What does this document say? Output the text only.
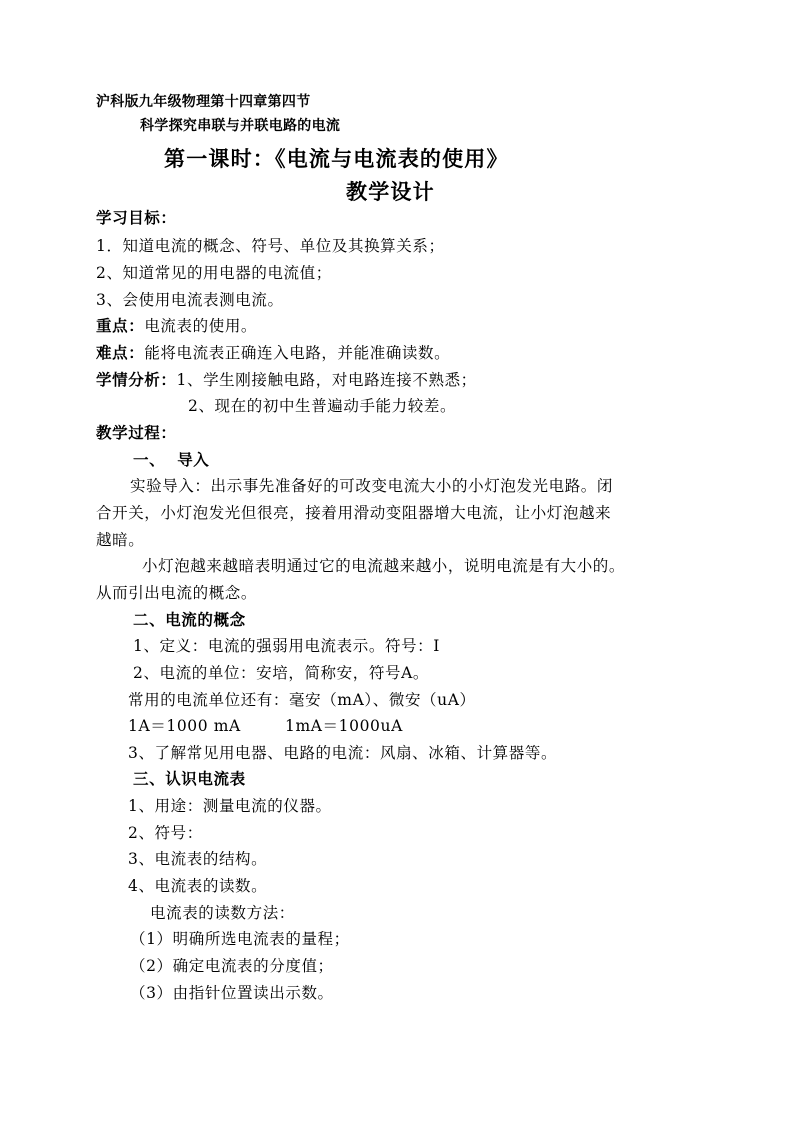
沪科版九年级物理第十四章第四节
科学探究串联与并联电路的电流
第一课时：《电流与电流表的使用》
教学设计
学习目标：
1．知道电流的概念、符号、单位及其换算关系；
2、知道常见的用电器的电流值；
3、会使用电流表测电流。
重点：电流表的使用。
难点：能将电流表正确连入电路，并能准确读数。
学情分析：1、学生刚接触电路，对电路连接不熟悉；
2、现在的初中生普遍动手能力较差。
教学过程：
一、  导入
实验导入：出示事先准备好的可改变电流大小的小灯泡发光电路。闭
合开关，小灯泡发光但很亮，接着用滑动变阻器增大电流，让小灯泡越来
越暗。
小灯泡越来越暗表明通过它的电流越来越小，说明电流是有大小的。
从而引出电流的概念。
二、电流的概念
1、定义：电流的强弱用电流表示。符号：I
2、电流的单位：安培，简称安，符号A。
常用的电流单位还有：毫安（mA）、微安（uA）
1A＝1000 mA	1mA＝1000uA
3、了解常见用电器、电路的电流：风扇、冰箱、计算器等。
三、认识电流表
1、用途：测量电流的仪器。
2、符号：
3、电流表的结构。
4、电流表的读数。
电流表的读数方法：
（1）明确所选电流表的量程；
（2）确定电流表的分度值；
（3）由指针位置读出示数。
